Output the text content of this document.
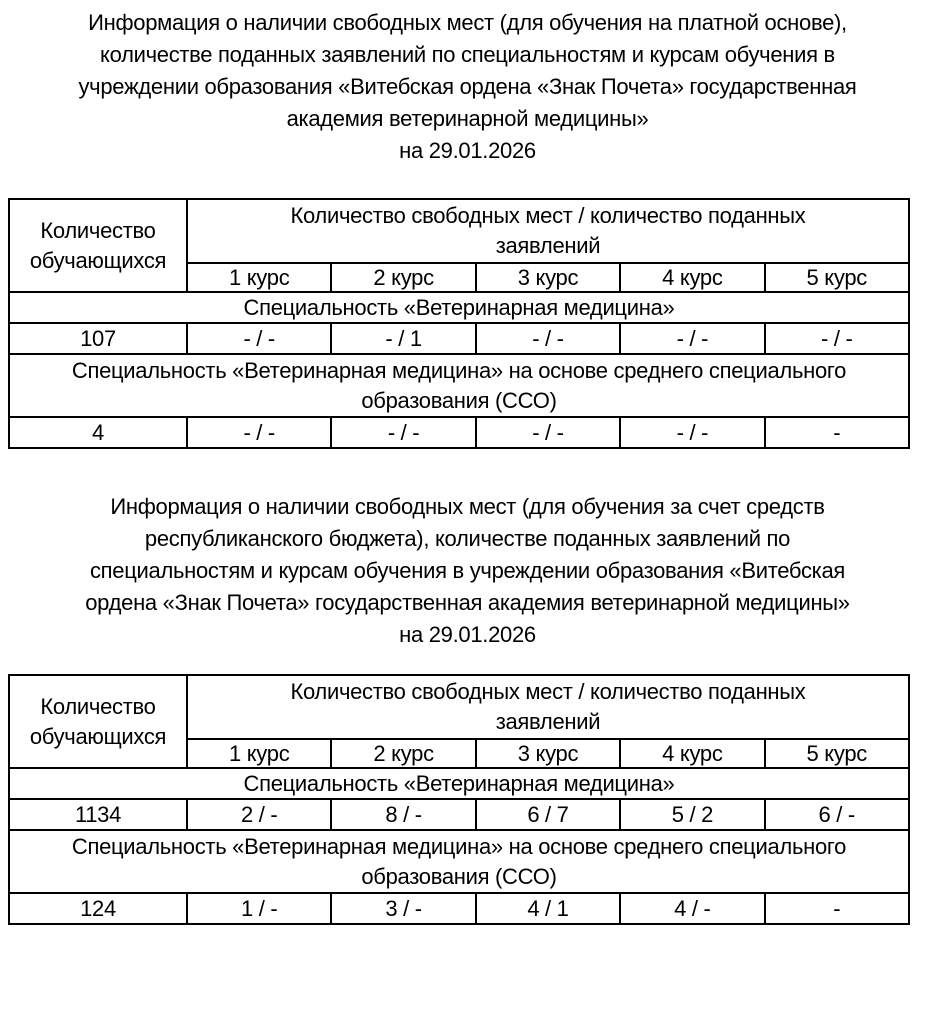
Информация о наличии свободных мест (для обучения на платной основе),
количестве поданных заявлений по специальностям и курсам обучения в
учреждении образования «Витебская ордена «Знак Почета» государственная
академия ветеринарной медицины»
на 29.01.2026
Количество обучающихся	Количество свободных мест / количество поданных
заявлений				

	1 курс	2 курс	3 курс	4 курс	5 курс
Специальность «Ветеринарная медицина»					
107	- / -	- / 1	- / -	- / -	- / -

Специальность «Ветеринарная медицина» на основе среднего специального
образования (ССО)					

4	- / -	- / -	- / -	- / -	-
Информация о наличии свободных мест (для обучения за счет средств
республиканского бюджета), количестве поданных заявлений по
специальностям и курсам обучения в учреждении образования «Витебская
ордена «Знак Почета» государственная академия ветеринарной медицины»
на 29.01.2026
Количество обучающихся	Количество свободных мест / количество поданных
заявлений				

	1 курс	2 курс	3 курс	4 курс	5 курс
Специальность «Ветеринарная медицина»					
1134	2 / -	8 / -	6 / 7	5 / 2	6 / -

Специальность «Ветеринарная медицина» на основе среднего специального
образования (ССО)					

124	1 / -	3 / -	4 / 1	4 / -	-
